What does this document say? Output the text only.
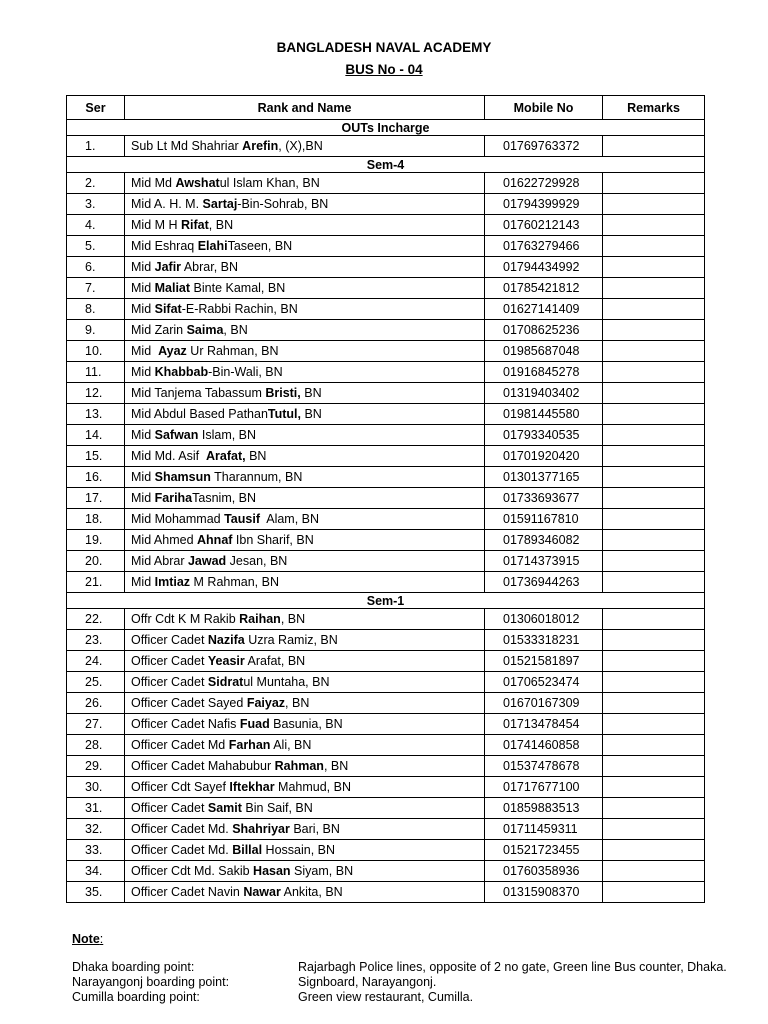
BANGLADESH NAVAL ACADEMY
BUS No - 04
Ser	Rank and Name	Mobile No	Remarks
OUTs Incharge			
1.	Sub Lt Md Shahriar Arefin, (X),BN	01769763372	
Sem-4			
2.	Mid Md Awshatul Islam Khan, BN	01622729928	
3.	Mid A. H. M. Sartaj-Bin-Sohrab, BN	01794399929	
4.	Mid M H Rifat, BN	01760212143	
5.	Mid Eshraq ElahiTaseen, BN	01763279466	
6.	Mid Jafir Abrar, BN	01794434992	
7.	Mid Maliat Binte Kamal, BN	01785421812	
8.	Mid Sifat-E-Rabbi Rachin, BN	01627141409	
9.	Mid Zarin Saima, BN	01708625236	
10.	Mid  Ayaz Ur Rahman, BN	01985687048	
11.	Mid Khabbab-Bin-Wali, BN	01916845278	
12.	Mid Tanjema Tabassum Bristi, BN	01319403402	
13.	Mid Abdul Based PathanTutul, BN	01981445580	
14.	Mid Safwan Islam, BN	01793340535	
15.	Mid Md. Asif  Arafat, BN	01701920420	
16.	Mid Shamsun Tharannum, BN	01301377165	
17.	Mid FarihaTasnim, BN	01733693677	
18.	Mid Mohammad Tausif  Alam, BN	01591167810	
19.	Mid Ahmed Ahnaf Ibn Sharif, BN	01789346082	
20.	Mid Abrar Jawad Jesan, BN	01714373915	
21.	Mid Imtiaz M Rahman, BN	01736944263	
Sem-1			
22.	Offr Cdt K M Rakib Raihan, BN	01306018012	
23.	Officer Cadet Nazifa Uzra Ramiz, BN	01533318231	
24.	Officer Cadet Yeasir Arafat, BN	01521581897	
25.	Officer Cadet Sidratul Muntaha, BN	01706523474	
26.	Officer Cadet Sayed Faiyaz, BN	01670167309	
27.	Officer Cadet Nafis Fuad Basunia, BN	01713478454	
28.	Officer Cadet Md Farhan Ali, BN	01741460858	
29.	Officer Cadet Mahabubur Rahman, BN	01537478678	
30.	Officer Cdt Sayef Iftekhar Mahmud, BN	01717677100	
31.	Officer Cadet Samit Bin Saif, BN	01859883513	
32.	Officer Cadet Md. Shahriyar Bari, BN	01711459311	
33.	Officer Cadet Md. Billal Hossain, BN	01521723455	
34.	Officer Cdt Md. Sakib Hasan Siyam, BN	01760358936	
35.	Officer Cadet Navin Nawar Ankita, BN	01315908370	
Note:
Dhaka boarding point:	Rajarbagh Police lines, opposite of 2 no gate, Green line Bus counter, Dhaka.
Narayangonj boarding point:	Signboard, Narayangonj.
Cumilla boarding point:	Green view restaurant, Cumilla.
